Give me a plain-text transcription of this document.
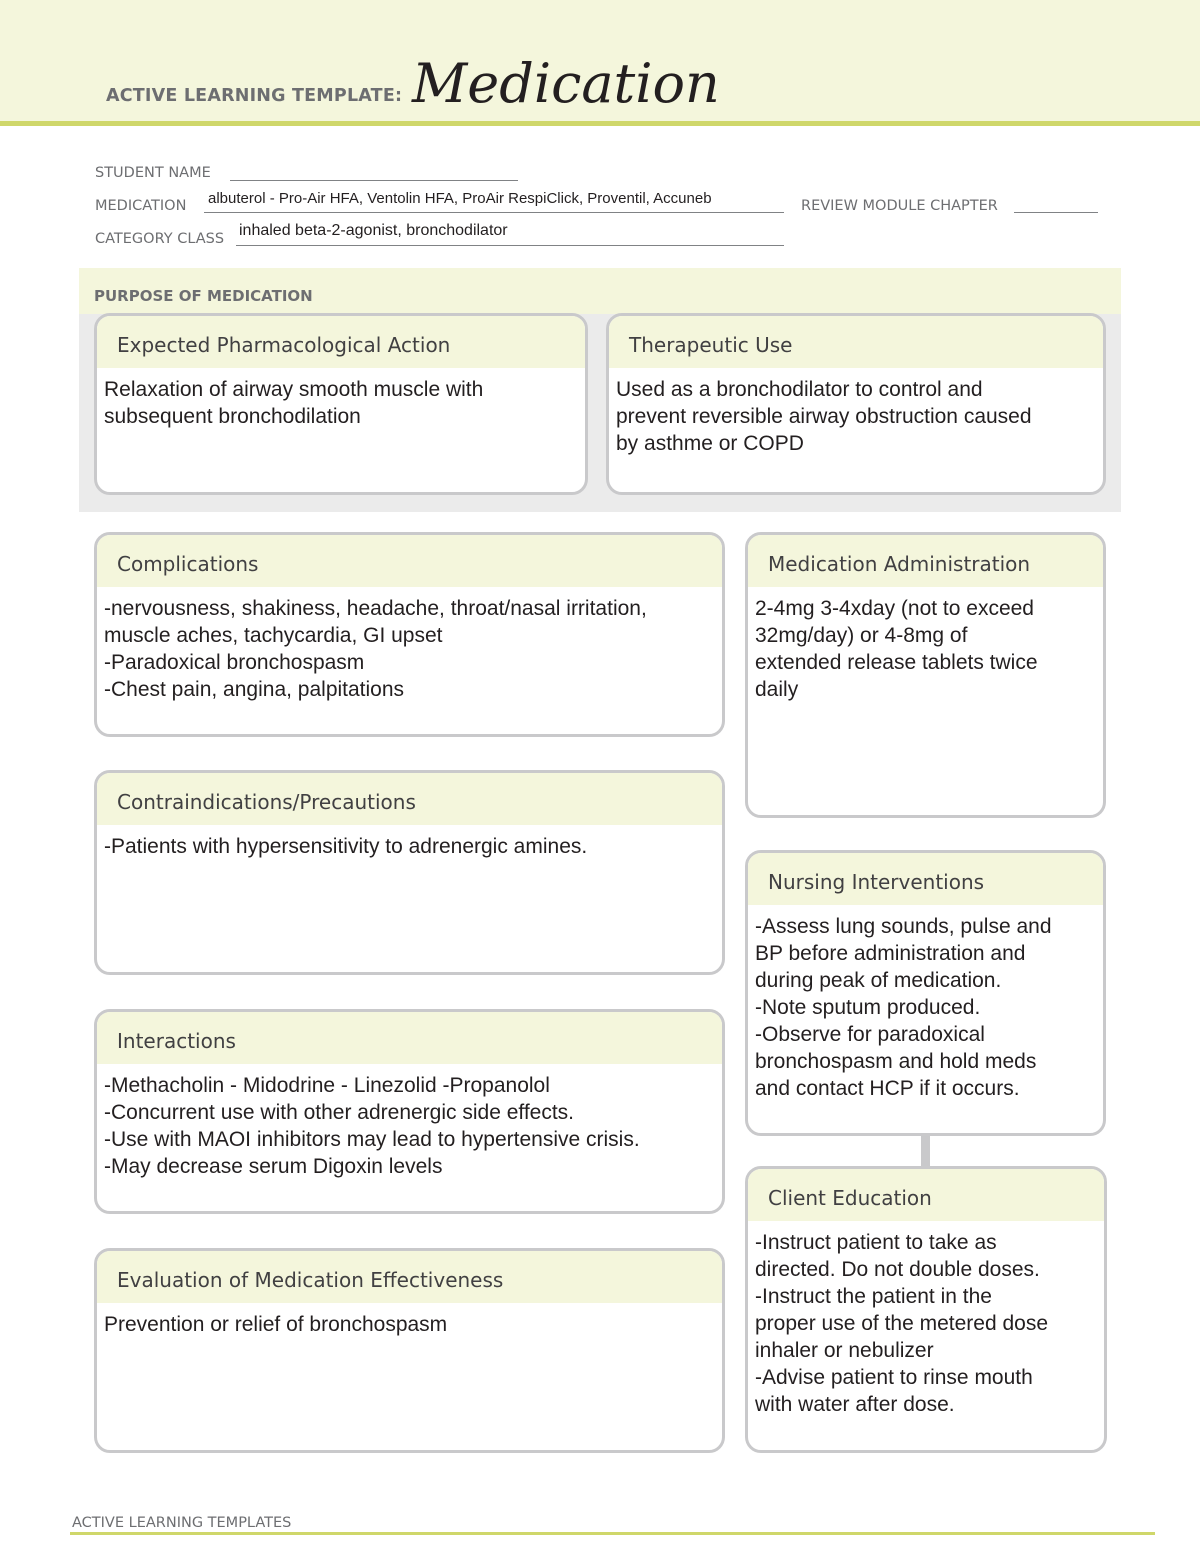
ACTIVE LEARNING TEMPLATE: Medication
STUDENT NAME
MEDICATION albuterol - Pro-Air HFA, Ventolin HFA, ProAir RespiClick, Proventil, Accuneb	REVIEW MODULE CHAPTER
CATEGORY CLASS inhaled beta-2-agonist, bronchodilator
PURPOSE OF MEDICATION
Expected Pharmacological Action
Relaxation of airway smooth muscle with
subsequent bronchodilation
Therapeutic Use
Used as a bronchodilator to control and
prevent reversible airway obstruction caused
by asthme or COPD
Complications
-nervousness, shakiness, headache, throat/nasal irritation,
muscle aches, tachycardia, GI upset
-Paradoxical bronchospasm
-Chest pain, angina, palpitations
Contraindications/Precautions
-Patients with hypersensitivity to adrenergic amines.
Interactions
-Methacholin - Midodrine - Linezolid -Propanolol
-Concurrent use with other adrenergic side effects.
-Use with MAOI inhibitors may lead to hypertensive crisis.
-May decrease serum Digoxin levels
Evaluation of Medication Effectiveness
Prevention or relief of bronchospasm
Medication Administration
2-4mg 3-4xday (not to exceed
32mg/day) or 4-8mg of
extended release tablets twice
daily
Nursing Interventions
-Assess lung sounds, pulse and
BP before administration and
during peak of medication.
-Note sputum produced.
-Observe for paradoxical
bronchospasm and hold meds
and contact HCP if it occurs.
Client Education
-Instruct patient to take as
directed. Do not double doses.
-Instruct the patient in the
proper use of the metered dose
inhaler or nebulizer
-Advise patient to rinse mouth
with water after dose.
ACTIVE LEARNING TEMPLATES
